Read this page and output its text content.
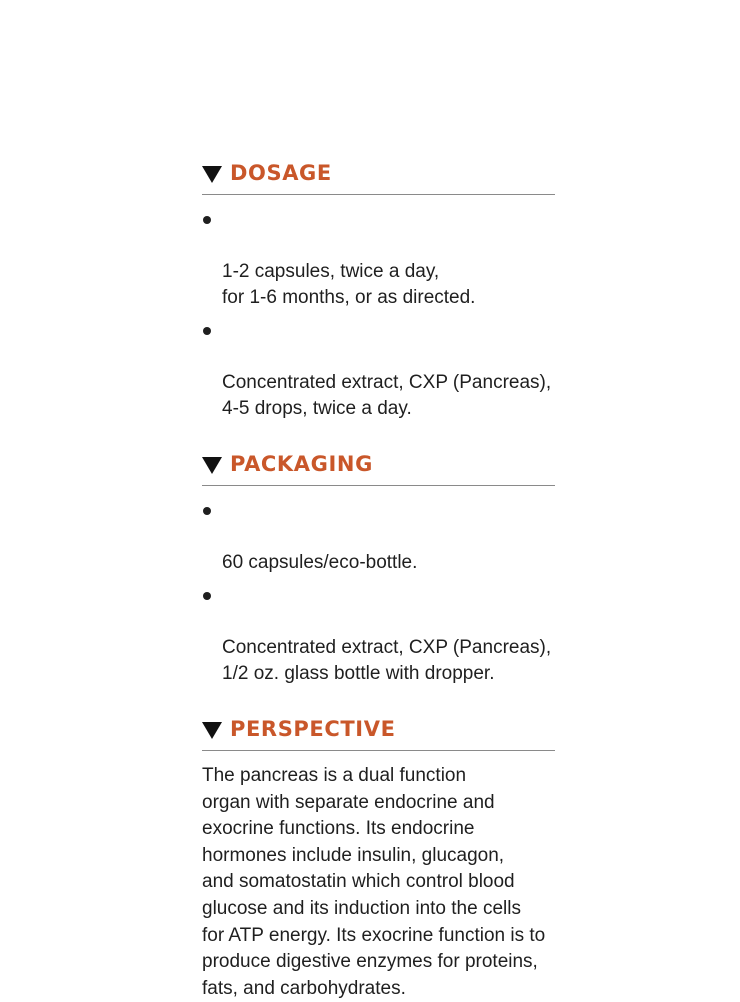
DOSAGE

1-2 capsules, twice a day,
for 1-6 months, or as directed.

Concentrated extract, CXP (Pancreas),
4-5 drops, twice a day.

PACKAGING

60 capsules/eco-bottle.

Concentrated extract, CXP (Pancreas),
1/2 oz. glass bottle with dropper.

PERSPECTIVE

The pancreas is a dual function
organ with separate endocrine and
exocrine functions. Its endocrine
hormones include insulin, glucagon,
and somatostatin which control blood
glucose and its induction into the cells
for ATP energy. Its exocrine function is to
produce digestive enzymes for proteins,
fats, and carbohydrates.
